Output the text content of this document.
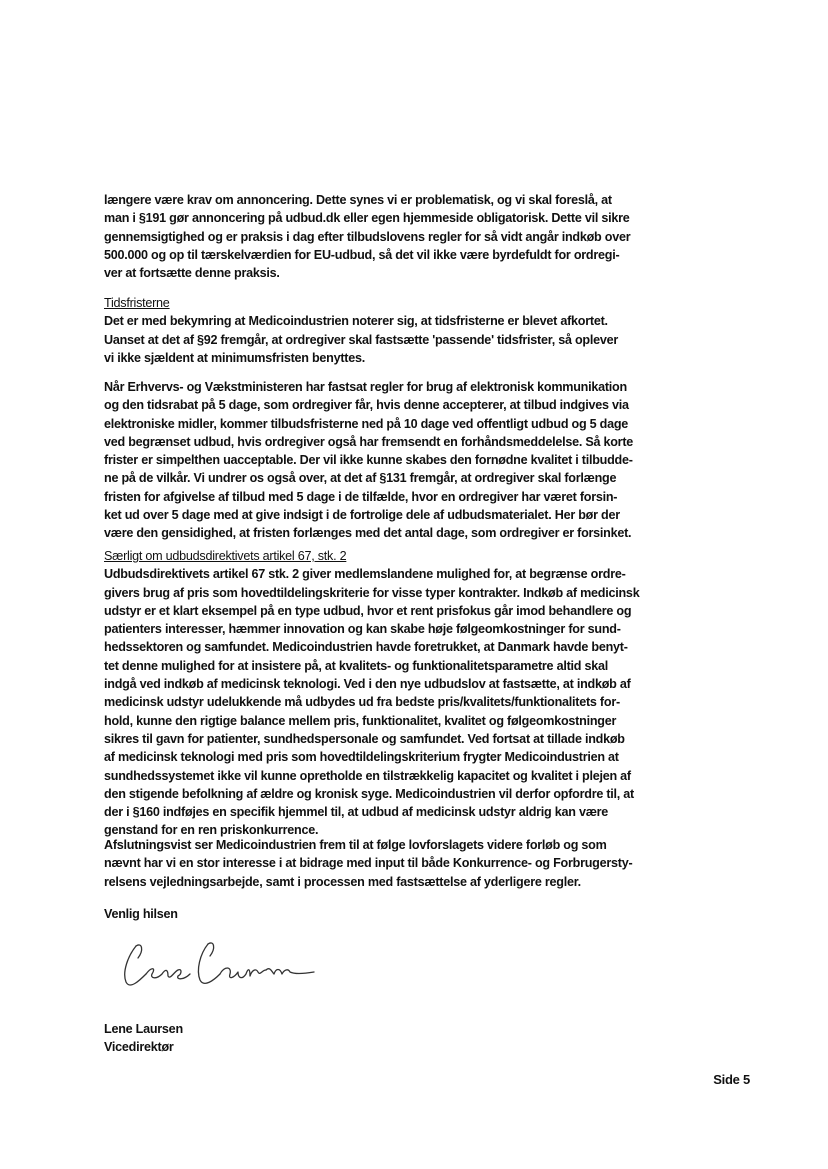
længere være krav om annoncering. Dette synes vi er problematisk, og vi skal foreslå, at

man i §191 gør annoncering på udbud.dk eller egen hjemmeside obligatorisk. Dette vil sikre

gennemsigtighed og er praksis i dag efter tilbudslovens regler for så vidt angår indkøb over

500.000 og op til tærskelværdien for EU-udbud, så det vil ikke være byrdefuldt for ordregi-

ver at fortsætte denne praksis.

Tidsfristerne

Det er med bekymring at Medicoindustrien noterer sig, at tidsfristerne er blevet afkortet.

Uanset at det af §92 fremgår, at ordregiver skal fastsætte 'passende' tidsfrister, så oplever

vi ikke sjældent at minimumsfristen benyttes.

Når Erhvervs- og Vækstministeren har fastsat regler for brug af elektronisk kommunikation

og den tidsrabat på 5 dage, som ordregiver får, hvis denne accepterer, at tilbud indgives via

elektroniske midler, kommer tilbudsfristerne ned på 10 dage ved offentligt udbud og 5 dage

ved begrænset udbud, hvis ordregiver også har fremsendt en forhåndsmeddelelse. Så korte

frister er simpelthen uacceptable. Der vil ikke kunne skabes den fornødne kvalitet i tilbudde-

ne på de vilkår. Vi undrer os også over, at det af §131 fremgår, at ordregiver skal forlænge

fristen for afgivelse af tilbud med 5 dage i de tilfælde, hvor en ordregiver har været forsin-

ket ud over 5 dage med at give indsigt i de fortrolige dele af udbudsmaterialet. Her bør der

være den gensidighed, at fristen forlænges med det antal dage, som ordregiver er forsinket.

Særligt om udbudsdirektivets artikel 67, stk. 2

Udbudsdirektivets artikel 67 stk. 2 giver medlemslandene mulighed for, at begrænse ordre-

givers brug af pris som hovedtildelingskriterie for visse typer kontrakter. Indkøb af medicinsk

udstyr er et klart eksempel på en type udbud, hvor et rent prisfokus går imod behandlere og

patienters interesser, hæmmer innovation og kan skabe høje følgeomkostninger for sund-

hedssektoren og samfundet. Medicoindustrien havde foretrukket, at Danmark havde benyt-

tet denne mulighed for at insistere på, at kvalitets- og funktionalitetsparametre altid skal

indgå ved indkøb af medicinsk teknologi. Ved i den nye udbudslov at fastsætte, at indkøb af

medicinsk udstyr udelukkende må udbydes ud fra bedste pris/kvalitets/funktionalitets for-

hold, kunne den rigtige balance mellem pris, funktionalitet, kvalitet og følgeomkostninger

sikres til gavn for patienter, sundhedspersonale og samfundet. Ved fortsat at tillade indkøb

af medicinsk teknologi med pris som hovedtildelingskriterium frygter Medicoindustrien at

sundhedssystemet ikke vil kunne opretholde en tilstrækkelig kapacitet og kvalitet i plejen af

den stigende befolkning af ældre og kronisk syge. Medicoindustrien vil derfor opfordre til, at

der i §160 indføjes en specifik hjemmel til, at udbud af medicinsk udstyr aldrig kan være

genstand for en ren priskonkurrence.

Afslutningsvist ser Medicoindustrien frem til at følge lovforslagets videre forløb og som

nævnt har vi en stor interesse i at bidrage med input til både Konkurrence- og Forbrugersty-

relsens vejledningsarbejde, samt i processen med fastsættelse af yderligere regler.

Venlig hilsen

Lene Laursen

Vicedirektør

Side 5
